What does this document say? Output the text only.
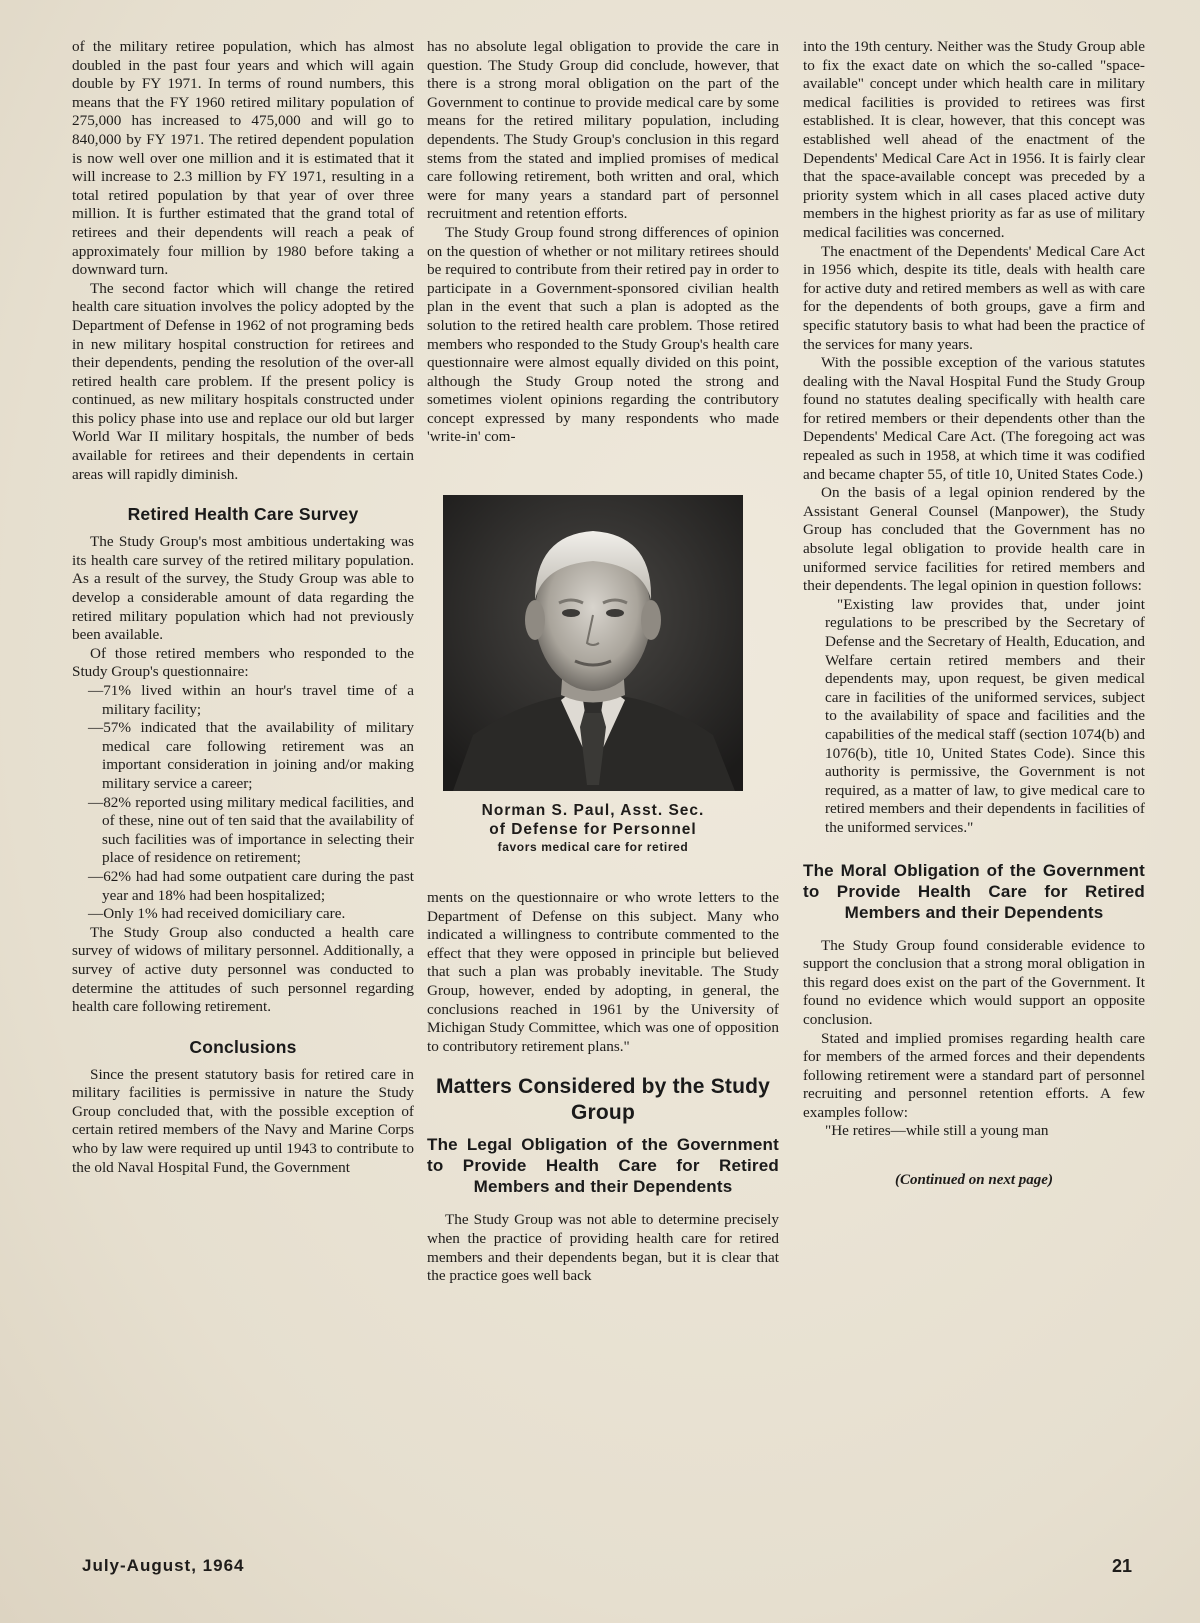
of the military retiree population, which has almost doubled in the past four years and which will again double by FY 1971. In terms of round numbers, this means that the FY 1960 retired military population of 275,000 has increased to 475,000 and will go to 840,000 by FY 1971. The retired dependent population is now well over one million and it is estimated that it will increase to 2.3 million by FY 1971, resulting in a total retired population by that year of over three million. It is further estimated that the grand total of retirees and their dependents will reach a peak of approximately four million by 1980 before taking a downward turn.

The second factor which will change the retired health care situation involves the policy adopted by the Department of Defense in 1962 of not programing beds in new military hospital construction for retirees and their dependents, pending the resolution of the over-all retired health care problem. If the present policy is continued, as new military hospitals constructed under this policy phase into use and replace our old but larger World War II military hospitals, the number of beds available for retirees and their dependents in certain areas will rapidly diminish.

Retired Health Care Survey

The Study Group's most ambitious undertaking was its health care survey of the retired military population. As a result of the survey, the Study Group was able to develop a considerable amount of data regarding the retired military population which had not previously been available.

Of those retired members who responded to the Study Group's questionnaire:

—71% lived within an hour's travel time of a military facility;
—57% indicated that the availability of military medical care following retirement was an important consideration in joining and/or making military service a career;
—82% reported using military medical facilities, and of these, nine out of ten said that the availability of such facilities was of importance in selecting their place of residence on retirement;
—62% had had some outpatient care during the past year and 18% had been hospitalized;
—Only 1% had received domiciliary care.

The Study Group also conducted a health care survey of widows of military personnel. Additionally, a survey of active duty personnel was conducted to determine the attitudes of such personnel regarding health care following retirement.

Conclusions

Since the present statutory basis for retired care in military facilities is permissive in nature the Study Group concluded that, with the possible exception of certain retired members of the Navy and Marine Corps who by law were required up until 1943 to contribute to the old Naval Hospital Fund, the Government

has no absolute legal obligation to provide the care in question. The Study Group did conclude, however, that there is a strong moral obligation on the part of the Government to continue to provide medical care by some means for the retired military population, including dependents. The Study Group's conclusion in this regard stems from the stated and implied promises of medical care following retirement, both written and oral, which were for many years a standard part of personnel recruitment and retention efforts.

The Study Group found strong differences of opinion on the question of whether or not military retirees should be required to contribute from their retired pay in order to participate in a Government-sponsored civilian health plan in the event that such a plan is adopted as the solution to the retired health care problem. Those retired members who responded to the Study Group's health care questionnaire were almost equally divided on this point, although the Study Group noted the strong and sometimes violent opinions regarding the contributory concept expressed by many respondents who made 'write-in' com-

Norman S. Paul, Asst. Sec.
of Defense for Personnel
favors medical care for retired

ments on the questionnaire or who wrote letters to the Department of Defense on this subject. Many who indicated a willingness to contribute commented to the effect that they were opposed in principle but believed that such a plan was probably inevitable. The Study Group, however, ended by adopting, in general, the conclusions reached in 1961 by the University of Michigan Study Committee, which was one of opposition to contributory retirement plans."

Matters Considered by the Study Group
The Legal Obligation of the Government to Provide Health Care for Retired Members and their Dependents

The Study Group was not able to determine precisely when the practice of providing health care for retired members and their dependents began, but it is clear that the practice goes well back

into the 19th century. Neither was the Study Group able to fix the exact date on which the so-called "space-available" concept under which health care in military medical facilities is provided to retirees was first established. It is clear, however, that this concept was established well ahead of the enactment of the Dependents' Medical Care Act in 1956. It is fairly clear that the space-available concept was preceded by a priority system which in all cases placed active duty members in the highest priority as far as use of military medical facilities was concerned.

The enactment of the Dependents' Medical Care Act in 1956 which, despite its title, deals with health care for active duty and retired members as well as with care for the dependents of both groups, gave a firm and specific statutory basis to what had been the practice of the services for many years.

With the possible exception of the various statutes dealing with the Naval Hospital Fund the Study Group found no statutes dealing specifically with health care for retired members or their dependents other than the Dependents' Medical Care Act. (The foregoing act was repealed as such in 1958, at which time it was codified and became chapter 55, of title 10, United States Code.)

On the basis of a legal opinion rendered by the Assistant General Counsel (Manpower), the Study Group has concluded that the Government has no absolute legal obligation to provide health care in uniformed service facilities for retired members and their dependents. The legal opinion in question follows:

"Existing law provides that, under joint regulations to be prescribed by the Secretary of Defense and the Secretary of Health, Education, and Welfare certain retired members and their dependents may, upon request, be given medical care in facilities of the uniformed services, subject to the availability of space and facilities and the capabilities of the medical staff (section 1074(b) and 1076(b), title 10, United States Code). Since this authority is permissive, the Government is not required, as a matter of law, to give medical care to retired members and their dependents in facilities of the uniformed services."

The Moral Obligation of the Government to Provide Health Care for Retired Members and their Dependents

The Study Group found considerable evidence to support the conclusion that a strong moral obligation in this regard does exist on the part of the Government. It found no evidence which would support an opposite conclusion.

Stated and implied promises regarding health care for members of the armed forces and their dependents following retirement were a standard part of personnel recruiting and personnel retention efforts. A few examples follow:

"He retires—while still a young man

(Continued on next page)
July-August, 1964	21
